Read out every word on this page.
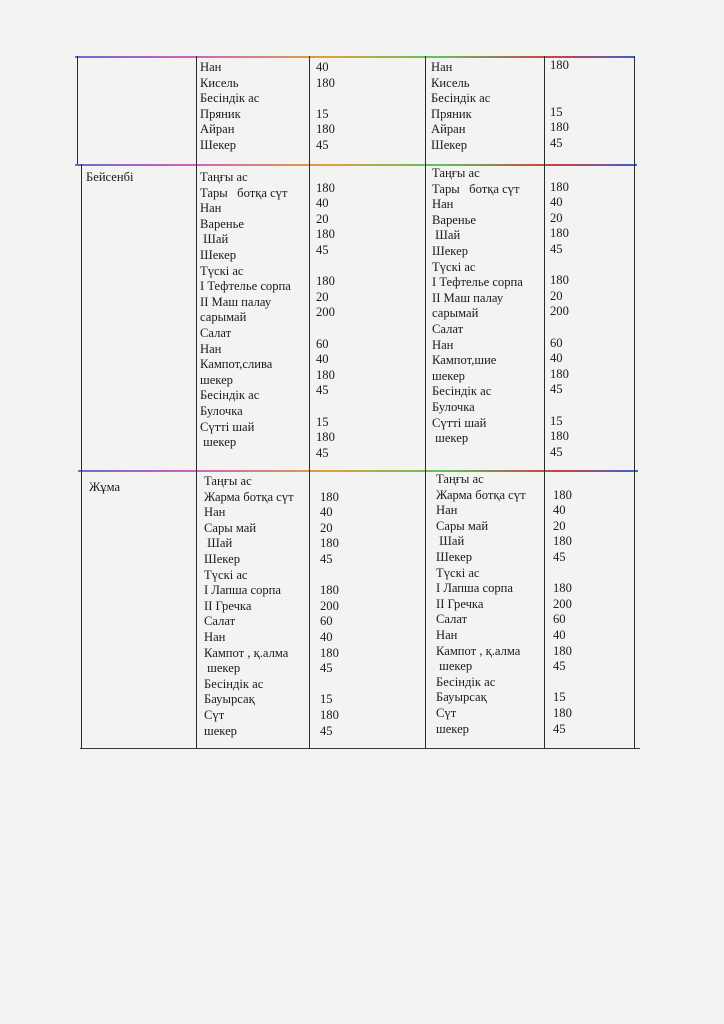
Нан
Кисель
Бесіндік ас
Пряник
Айран
Шекер
40
180
15
180
45
Нан
Кисель
Бесіндік ас
Пряник
Айран
Шекер
180
15
180
45
Бейсенбі	Таңғы ас
Тары   ботқа сүт
Нан
Варенье
Шай
Шекер
Түскі ас
І Тефтелье сорпа
ІІ Маш палау
сарымай
Салат
Нан
Кампот,слива
шекер
Бесіндік ас
Булочка
Сүтті шай
шекер
180
40
20
180
45
180
20
200
60
40
180
45
15
180
45
Таңғы ас
Тары   ботқа сүт
Нан
Варенье
Шай
Шекер
Түскі ас
І Тефтелье сорпа
ІІ Маш палау
сарымай
Салат
Нан
Кампот,шие
шекер
Бесіндік ас
Булочка
Сүтті шай
шекер
180
40
20
180
45
180
20
200
60
40
180
45
15
180
45
Жұма	Таңғы ас
Жарма ботқа сүт
Нан
Сары май
Шай
Шекер
Түскі ас
І Лапша сорпа
ІІ Гречка
Салат
Нан
Кампот , қ.алма
шекер
Бесіндік ас
Бауырсақ
Сүт
шекер
180
40
20
180
45
180
200
60
40
180
45
15
180
45
Таңғы ас
Жарма ботқа сүт
Нан
Сары май
Шай
Шекер
Түскі ас
І Лапша сорпа
ІІ Гречка
Салат
Нан
Кампот , қ.алма
шекер
Бесіндік ас
Бауырсақ
Сүт
шекер
180
40
20
180
45
180
200
60
40
180
45
15
180
45
